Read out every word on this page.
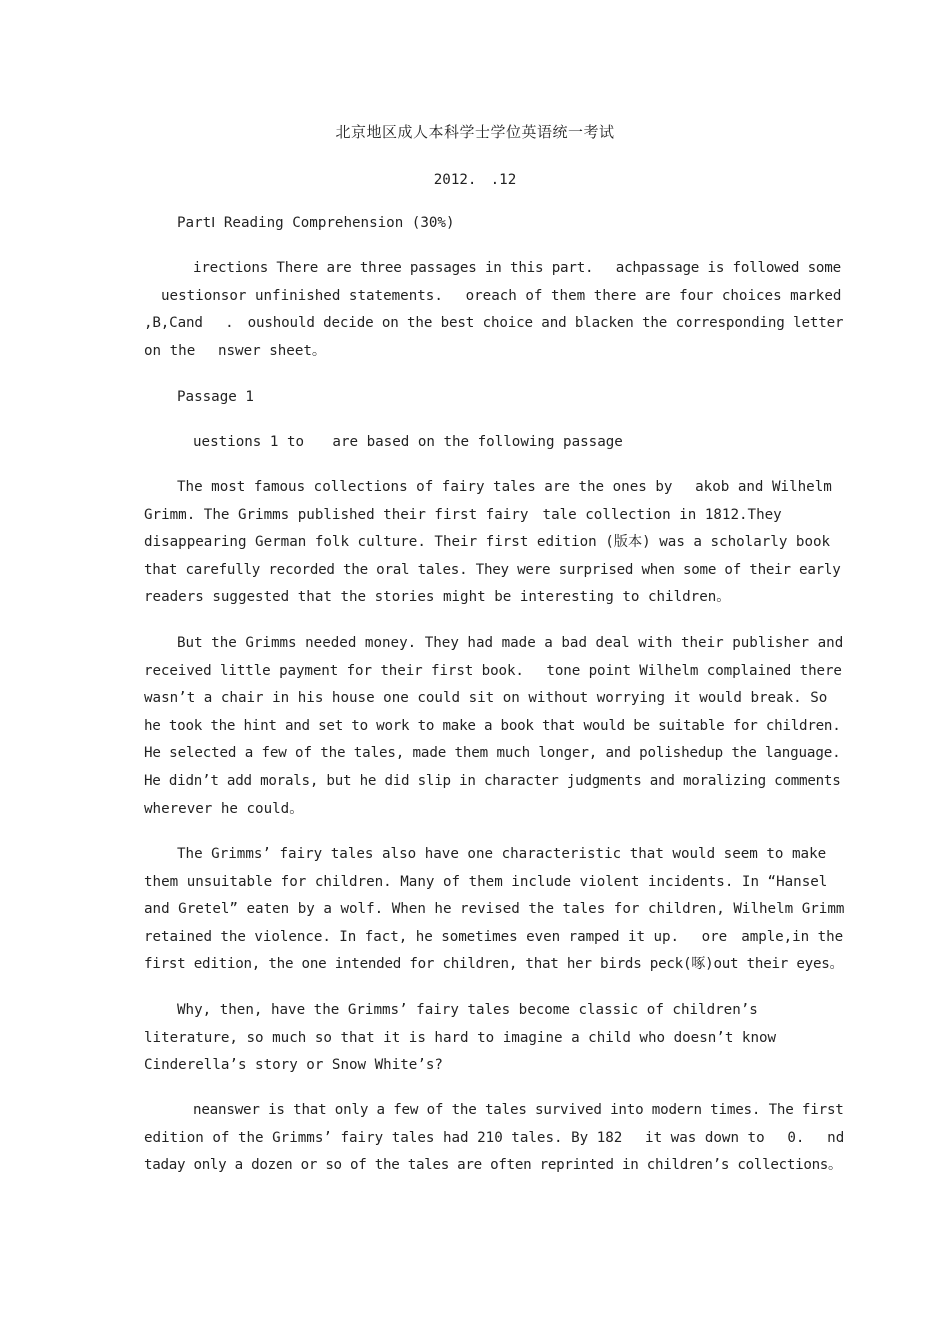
北京地区成人本科学士学位英语统一考试
2012.　.12
PartⅠ Reading Comprehension (30%)
irections There are three passages in this part.　 achpassage is followed some
uestionsor unfinished statements.　 oreach of them there are four choices marked
,B,Cand　 .　oushould decide on the best choice and blacken the corresponding letter
on the　 nswer sheet。
Passage 1
uestions 1 to　　are based on the following passage
The most famous collections of fairy tales are the ones by　 akob and Wilhelm
Grimm. The Grimms published their first fairy　tale collection in 1812.They
disappearing German folk culture. Their first edition (版本) was a scholarly book
that carefully recorded the oral tales. They were surprised when some of their early
readers suggested that the stories might be interesting to children。
But the Grimms needed money. They had made a bad deal with their publisher and
received little payment for their first book.　 tone point Wilhelm complained there
wasn’t a chair in his house one could sit on without worrying it would break. So
he took the hint and set to work to make a book that would be suitable for children.
He selected a few of the tales, made them much longer, and polishedup the language.
He didn’t add morals, but he did slip in character judgments and moralizing comments
wherever he could。
The Grimms’ fairy tales also have one characteristic that would seem to make
them unsuitable for children. Many of them include violent incidents. In “Hansel
and Gretel” eaten by a wolf. When he revised the tales for children, Wilhelm Grimm
retained the violence. In fact, he sometimes even ramped it up.　 ore　ample,in the
first edition, the one intended for children, that her birds peck(啄)out their eyes。
Why, then, have the Grimms’ fairy tales become classic of children’s
literature, so much so that it is hard to imagine a child who doesn’t know
Cinderella’s story or Snow White’s?
neanswer is that only a few of the tales survived into modern times. The first
edition of the Grimms’ fairy tales had 210 tales. By 182　 it was down to　 0.　 nd
taday only a dozen or so of the tales are often reprinted in children’s collections。
